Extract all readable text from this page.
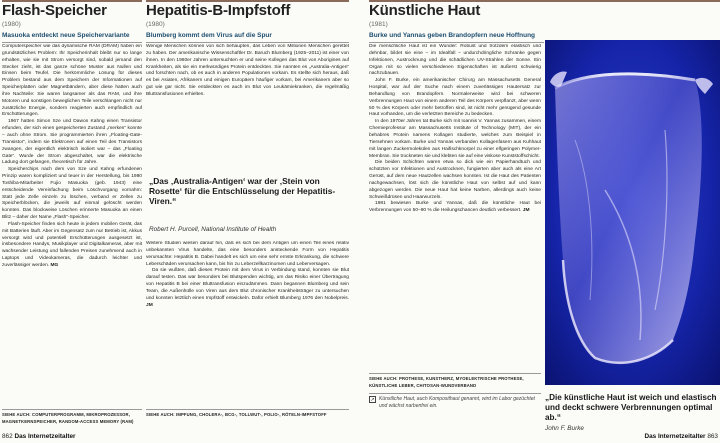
Flash-Speicher
(1980)
Masuoka entdeckt neue Speichervariante

Computerspeicher wie das dynamische RAM (DRAM) haben ein grundsätzliches Problem: Ihr Speicherinhalt bleibt nur so lange erhalten, wie sie mit Strom versorgt sind, sobald jemand den Stecker zieht, ist das ganze schöne Muster aus Nullen und Einsen beim Teufel. Die herkömmliche Lösung für dieses Problem bestand aus dem Speichern der Informationen auf Speicherplatten oder Magnetbändern, aber diese hatten auch ihre Nachteile: Sie waren langsamer als das RAM, und ihre Motoren und sonstigen beweglichen Teile verschlangen nicht nur zusätzliche Energie, sondern reagierten auch empfindlich auf Erschütterungen.

1967 hatten Simon Sze und Dawon Kahng einen Transistor erfunden, der sich einen gespeicherten Zustand „merken“ konnte – auch ohne Strom. Sie programmierten ihren „Floating-Gate-Transistor“, indem sie Elektronen auf einen Teil des Transistors zwangen, der eigentlich elektrisch isoliert war – das „Floating Gate“. Wurde der Strom abgeschaltet, war die elektrische Ladung dort gefangen, theoretisch für Jahre.

Speicherchips nach dem von Sze und Kahng erfundenen Prinzip waren kompliziert und teuer in der Herstellung, bis 1980 Toshiba-Mitarbeiter Fujio Masuoka (geb. 1943) eine entscheidende Vereinfachung beim Löschvorgang vornahm: Statt jede Zelle einzeln zu löschen, verband er Zellen zu Speicherblöcken, die jeweils auf einmal gelöscht werden konnten. Das blockweise Löschen erinnerte Masuoka an einen Blitz – daher der Name „Flash“-Speicher.

Flash-Speicher finden sich heute in jedem mobilen Gerät, das mit Batterien läuft. Aber im Gegensatz zum nur Betrieb ist, Akkus versorgt wird und potentiell Erschütterungen ausgesetzt ist, insbesondere Handys, Musikplayer und Digitalkameras, aber mit wachsender Leistung und fallenden Preisen zunehmend auch in Laptops und Videokameras, die dadurch leichter und zuverlässiger werden. MG

SIEHE AUCH: COMPUTERPROGRAMM, MIKROPROZESSOR, MAGNETKERNSPEICHER, RANDOM-ACCESS MEMORY (RAM)
Hepatitis-B-Impfstoff
(1980)
Blumberg kommt dem Virus auf die Spur

Wenige Menschen können von sich behaupten, das Leben von Millionen Menschen gerettet zu haben. Der amerikanische Wissenschaftler Dr. Baruch Blumberg (1925–2011) ist einer von ihnen. In den 1960er Jahren untersuchten er und seine Kollegen das Blut von Aborigines auf Krankheiten, als sie ein merkwürdiges Protein entdeckten. Sie nannten es „Australia-Antigen“ und forschten nach, ob es auch in anderen Populationen vorkam. Es stellte sich heraus, daß es bei Asiaten, Afrikanern und einigen Europäern häufiger vorkam, bei Amerikanern aber so gut wie gar nicht. Sie entdeckten es auch im Blut von Leukämiekranken, die regelmäßig Bluttransfusionen erhielten.

„Das ‚Australia-Antigen‘ war der ‚Stein von Rosette‘ für die Entschlüsselung der Hepatitis-Viren.“
Robert H. Purcell, National Institute of Health

Weitere Studien wiesen darauf hin, daß es sich bei dem Antigen um einen Teil eines relativ unbekannten Virus handelte, das eine besonders ansteckende Form von Hepatitis verursachte: Hepatitis B. Dabei handelt es sich um eine sehr ernste Erkrankung, die schwere Leberschäden verursachen kann, bis hin zu Leberzellkarzinomen und Leberversagen.

Da sie wußten, daß dieses Protein mit dem Virus in Verbindung stand, konnten sie Blut darauf testen. Das war besonders bei Blutspenden wichtig, um das Risiko einer Übertragung von Hepatitis B bei einer Bluttransfusion einzudämmen. Dann begannen Blumberg und sein Team, die Außenhülle von Viren aus dem Blut chronischer Krankheitsträger zu untersuchen und konnten letztlich einen Impfstoff entwickeln. Dafür erhielt Blumberg 1976 den Nobelpreis. JM

SIEHE AUCH: IMPFUNG, CHOLERA-, BCG-, TOLLWUT-, POLIO-, RÖTELN-IMPFSTOFF
Künstliche Haut
(1981)
Burke und Yannas geben Brandopfern neue Hoffnung

Die menschliche Haut ist ein Wunder: Robust und trotzdem elastisch und dehnbar, bildet sie eine – im Idealfall – undurchdringliche Schranke gegen Infektionen, Austrocknung und die schädlichen UV-Strahlen der Sonne. Ein Organ mit so vielen verschiedenen Eigenschaften ist äußerst schwierig nachzubauen.

John F. Burke, ein amerikanischer Chirurg am Massachusetts General Hospital, war auf der Suche nach einem zuverlässigen Hautersatz zur Behandlung von Brandopfern. Normalerweise wird bei schweren Verbrennungen Haut von einem anderen Teil des Körpers verpflanzt, aber wenn 50 % des Körpers oder mehr betroffen sind, ist nicht mehr genügend gesunde Haut vorhanden, um die verletzten Bereiche zu bedecken.

In den 1970er Jahren tat Burke sich mit Ioannis V. Yannas zusammen, einem Chemieprofessor am Massachusetts Institute of Technology (MIT), der ein behabres Protein namens Kollagen studierte, welches zum Beispiel in Tiersehnen vorkam. Burke und Yannas verbanden Kollagenfasern aus Kuhhaut mit langen Zuckermolekülen aus Haifischknorpel zu einer elfgeringen Polymer-Membran. Sie trockneten sie und klebten sie auf eine viskose Kunststoffschicht.

Die beiden Schichten waren etwa so dick wie ein Papierhandtuch und schützten vor Infektionen und Austrocknen, fungierten aber auch als eine Art Gerüst, auf dem neue Hautzellen wachsen konnten. Ist die Haut des Patienten nachgewachsen, löst sich die künstliche Haut von selbst auf und kann abgezogen werden. Die neue Haut hat keine Narben, allerdings auch keine Schweißdrüsen und Haarwurzeln.

1981 bewiesen Burke und Yannas, daß die künstliche Haut bei Verbrennungen von 50–90 % die Heilungschancen deutlich verbessert. JM

SIEHE AUCH: PROTHESE, KUNSTHERZ, MYOELEKTRISCHE PROTHESE, KÜNSTLICHE LEBER, CHITOSAN-WUNDVERBAND
↗ Künstliche Haut, auch Komposithaut genannt, wird im Labor gezüchtet und wächst narbenfrei ein.
„Die künstliche Haut ist weich und elastisch und deckt schwere Verbrennungen optimal ab.“
John F. Burke
862 Das Internetzeitalter	Das Internetzeitalter 863
